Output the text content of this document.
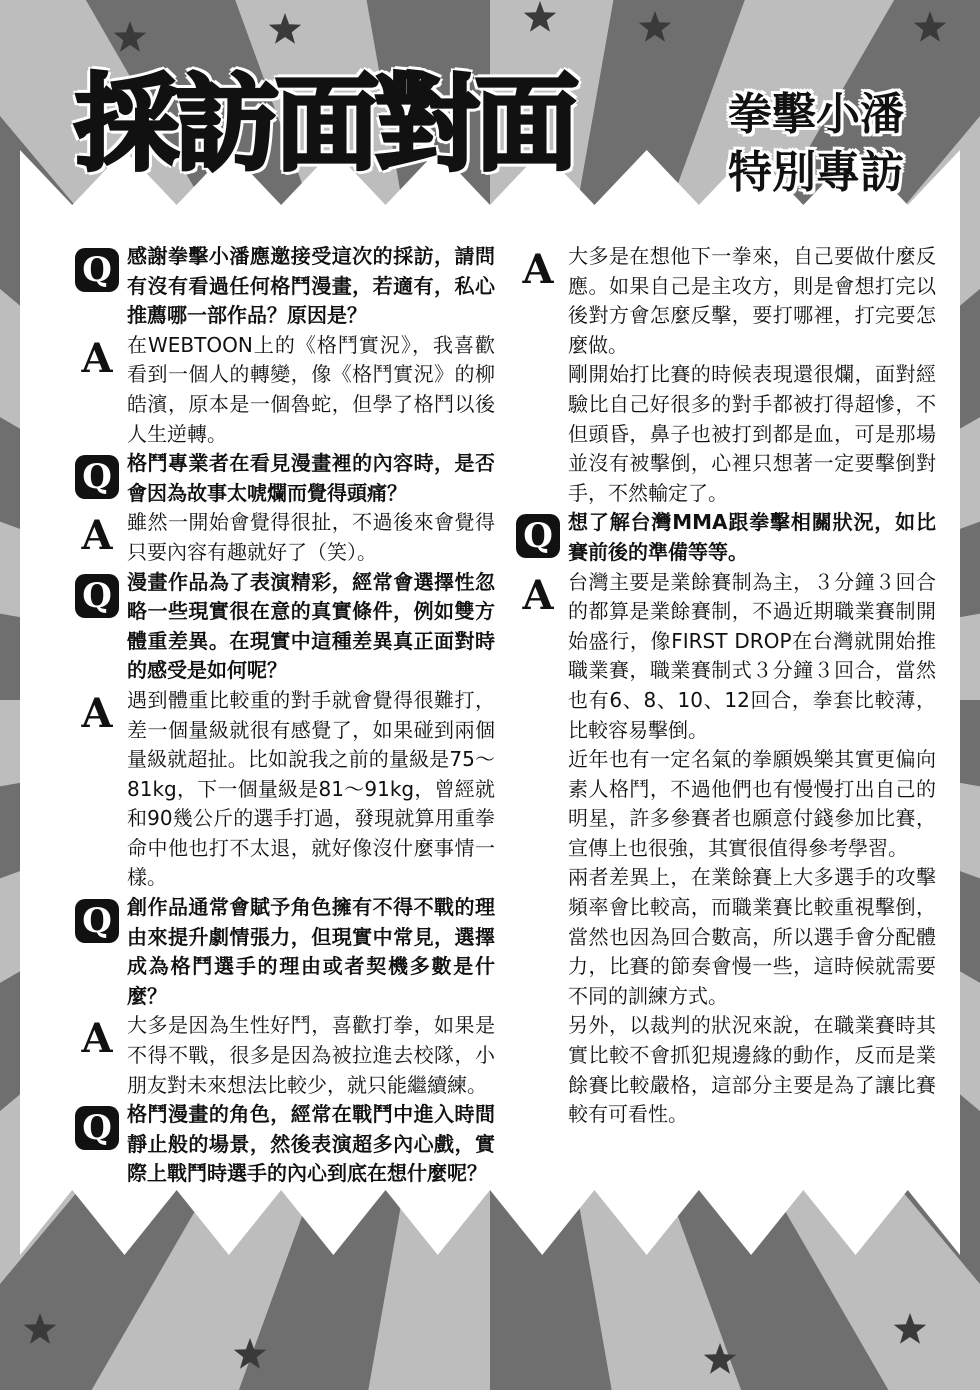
採訪面對面	拳擊小潘
特別專訪
Q 感謝拳擊小潘應邀接受這次的採訪，請問有沒有看過任何格鬥漫畫，若適有，私心推薦哪一部作品？原因是？
A 在WEBTOON上的《格鬥實況》，我喜歡看到一個人的轉變，像《格鬥實況》的柳皓濱，原本是一個魯蛇，但學了格鬥以後人生逆轉。
Q 格鬥專業者在看見漫畫裡的內容時，是否會因為故事太唬爛而覺得頭痛？
A 雖然一開始會覺得很扯，不過後來會覺得只要內容有趣就好了（笑）。
Q 漫畫作品為了表演精彩，經常會選擇性忽略一些現實很在意的真實條件，例如雙方體重差異。在現實中這種差異真正面對時的感受是如何呢？
A 遇到體重比較重的對手就會覺得很難打，差一個量級就很有感覺了，如果碰到兩個量級就超扯。比如說我之前的量級是75～81kg，下一個量級是81～91kg，曾經就和90幾公斤的選手打過，發現就算用重拳命中他也打不太退，就好像沒什麼事情一樣。
Q 創作品通常會賦予角色擁有不得不戰的理由來提升劇情張力，但現實中常見，選擇成為格鬥選手的理由或者契機多數是什麼？
A 大多是因為生性好鬥，喜歡打拳，如果是不得不戰，很多是因為被拉進去校隊，小朋友對未來想法比較少，就只能繼續練。
Q 格鬥漫畫的角色，經常在戰鬥中進入時間靜止般的場景，然後表演超多內心戲，實際上戰鬥時選手的內心到底在想什麼呢？
A 大多是在想他下一拳來，自己要做什麼反應。如果自己是主攻方，則是會想打完以後對方會怎麼反擊，要打哪裡，打完要怎麼做。
剛開始打比賽的時候表現還很爛，面對經驗比自己好很多的對手都被打得超慘，不但頭昏，鼻子也被打到都是血，可是那場並沒有被擊倒，心裡只想著一定要擊倒對手，不然輸定了。
Q 想了解台灣MMA跟拳擊相關狀況，如比賽前後的準備等等。
A 台灣主要是業餘賽制為主，３分鐘３回合的都算是業餘賽制，不過近期職業賽制開始盛行，像FIRST DROP在台灣就開始推職業賽，職業賽制式３分鐘３回合，當然也有6、8、10、12回合，拳套比較薄，比較容易擊倒。
近年也有一定名氣的拳願娛樂其實更偏向素人格鬥，不過他們也有慢慢打出自己的明星，許多參賽者也願意付錢參加比賽，宣傳上也很強，其實很值得參考學習。
兩者差異上，在業餘賽上大多選手的攻擊頻率會比較高，而職業賽比較重視擊倒，當然也因為回合數高，所以選手會分配體力，比賽的節奏會慢一些，這時候就需要不同的訓練方式。
另外，以裁判的狀況來說，在職業賽時其實比較不會抓犯規邊緣的動作，反而是業餘賽比較嚴格，這部分主要是為了讓比賽較有可看性。
